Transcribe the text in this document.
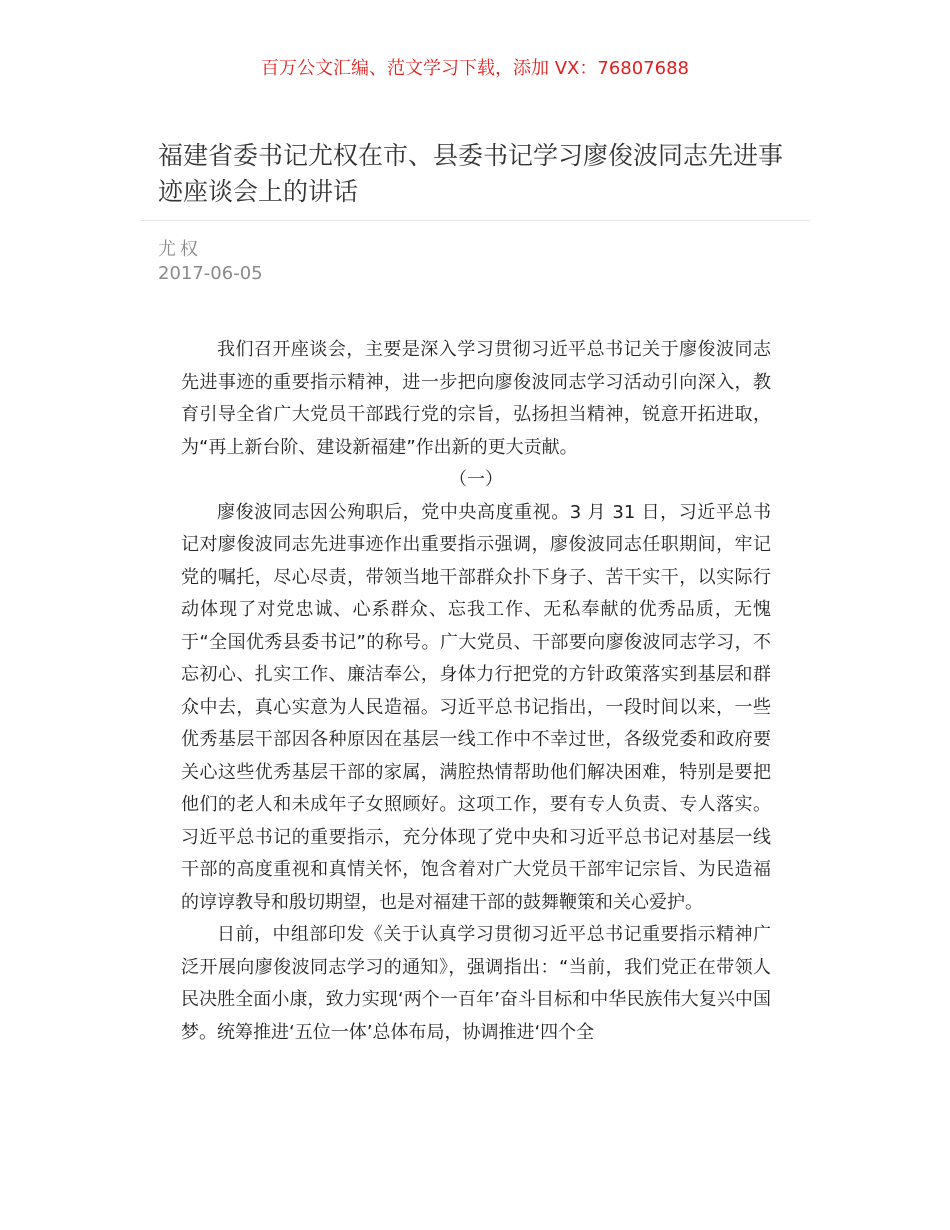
百万公文汇编、范文学习下载，添加 VX：76807688
福建省委书记尤权在市、县委书记学习廖俊波同志先进事迹座谈会上的讲话
尤权
2017-06-05

我们召开座谈会，主要是深入学习贯彻习近平总书记关于廖俊波同志先进事迹的重要指示精神，进一步把向廖俊波同志学习活动引向深入，教育引导全省广大党员干部践行党的宗旨，弘扬担当精神，锐意开拓进取，为“再上新台阶、建设新福建”作出新的更大贡献。

（一）

廖俊波同志因公殉职后，党中央高度重视。3 月 31 日，习近平总书记对廖俊波同志先进事迹作出重要指示强调，廖俊波同志任职期间，牢记党的嘱托，尽心尽责，带领当地干部群众扑下身子、苦干实干，以实际行动体现了对党忠诚、心系群众、忘我工作、无私奉献的优秀品质，无愧于“全国优秀县委书记”的称号。广大党员、干部要向廖俊波同志学习，不忘初心、扎实工作、廉洁奉公，身体力行把党的方针政策落实到基层和群众中去，真心实意为人民造福。习近平总书记指出，一段时间以来，一些优秀基层干部因各种原因在基层一线工作中不幸过世，各级党委和政府要关心这些优秀基层干部的家属，满腔热情帮助他们解决困难，特别是要把他们的老人和未成年子女照顾好。这项工作，要有专人负责、专人落实。习近平总书记的重要指示，充分体现了党中央和习近平总书记对基层一线干部的高度重视和真情关怀，饱含着对广大党员干部牢记宗旨、为民造福的谆谆教导和殷切期望，也是对福建干部的鼓舞鞭策和关心爱护。

日前，中组部印发《关于认真学习贯彻习近平总书记重要指示精神广泛开展向廖俊波同志学习的通知》，强调指出：“当前，我们党正在带领人民决胜全面小康，致力实现‘两个一百年’奋斗目标和中华民族伟大复兴中国梦。统筹推进‘五位一体’总体布局，协调推进‘四个全
